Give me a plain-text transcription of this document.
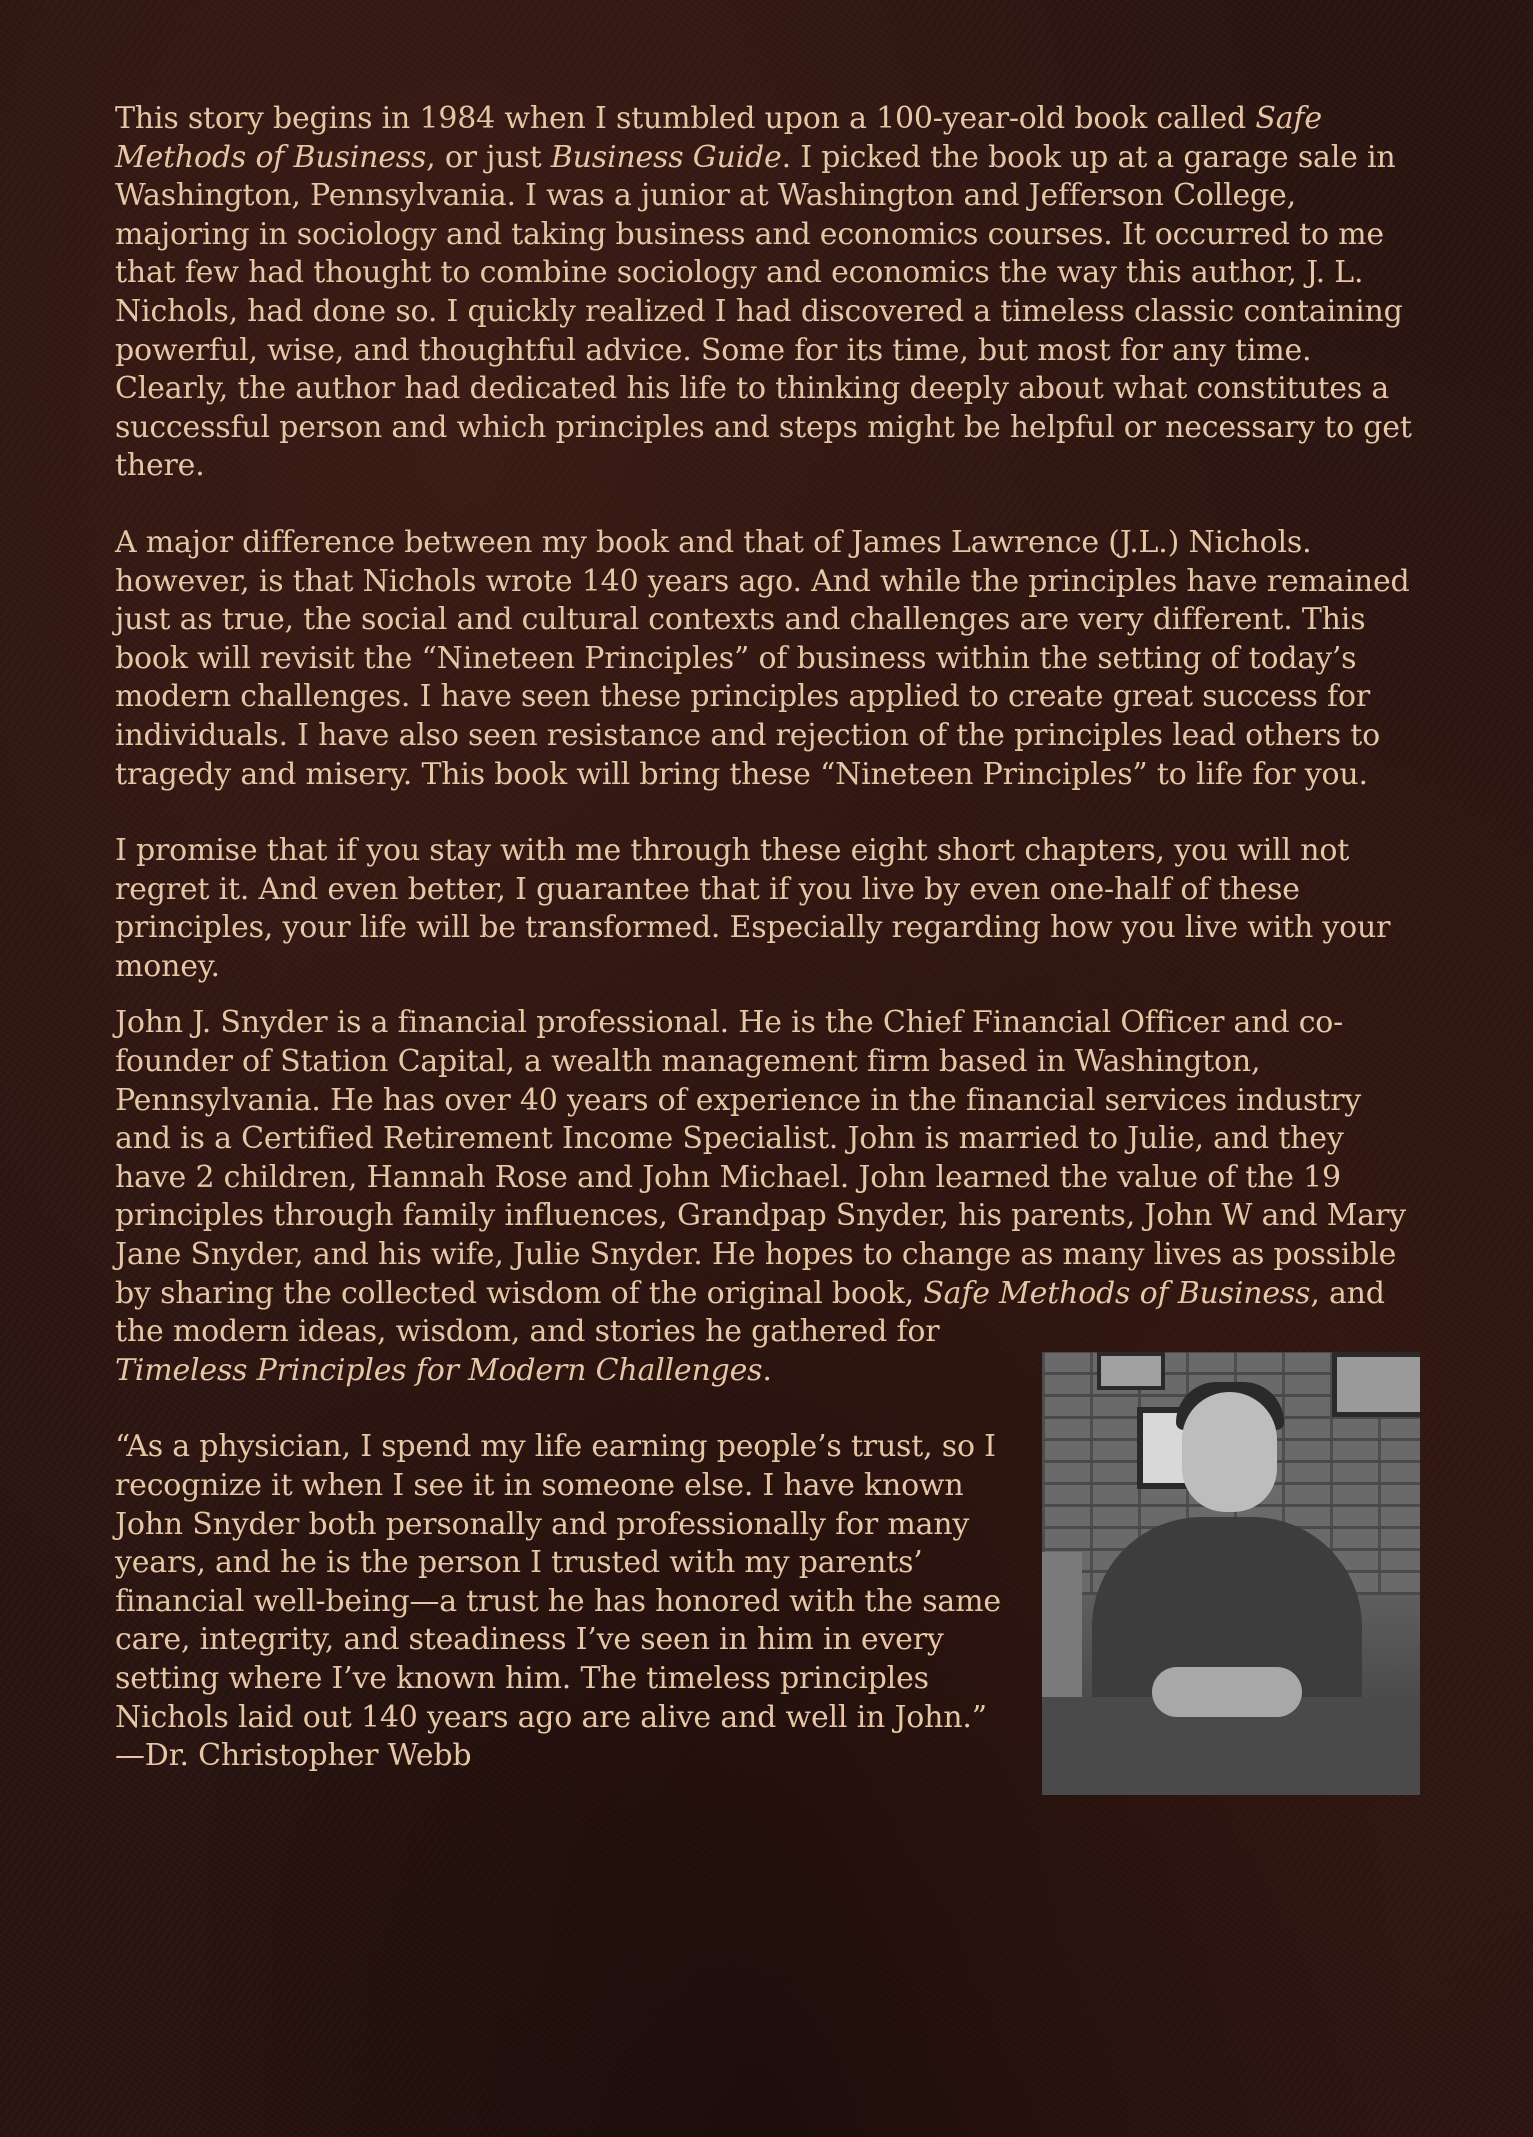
This story begins in 1984 when I stumbled upon a 100-year-old book called Safe Methods of Business, or just Business Guide. I picked the book up at a garage sale in Washington, Pennsylvania. I was a junior at Washington and Jefferson College, majoring in sociology and taking business and economics courses. It occurred to me that few had thought to combine sociology and economics the way this author, J. L. Nichols, had done so. I quickly realized I had discovered a timeless classic containing powerful, wise, and thoughtful advice. Some for its time, but most for any time. Clearly, the author had dedicated his life to thinking deeply about what constitutes a successful person and which principles and steps might be helpful or necessary to get there.

A major difference between my book and that of James Lawrence (J.L.) Nichols. however, is that Nichols wrote 140 years ago. And while the principles have remained just as true, the social and cultural contexts and challenges are very different. This book will revisit the “Nineteen Principles” of business within the setting of today’s modern challenges. I have seen these principles applied to create great success for individuals. I have also seen resistance and rejection of the principles lead others to tragedy and misery. This book will bring these “Nineteen Principles” to life for you.

I promise that if you stay with me through these eight short chapters, you will not regret it. And even better, I guarantee that if you live by even one-half of these principles, your life will be transformed. Especially regarding how you live with your money.

John J. Snyder is a financial professional. He is the Chief Financial Officer and co-founder of Station Capital, a wealth management firm based in Washington, Pennsylvania. He has over 40 years of experience in the financial services industry and is a Certified Retirement Income Specialist. John is married to Julie, and they have 2 children, Hannah Rose and John Michael. John learned the value of the 19 principles through family influences, Grandpap Snyder, his parents, John W and Mary Jane Snyder, and his wife, Julie Snyder. He hopes to change as many lives as possible by sharing the collected wisdom of the original book, Safe Methods of Business, and the modern ideas, wisdom, and stories he gathered for

Timeless Principles for Modern Challenges.

“As a physician, I spend my life earning people’s trust, so I recognize it when I see it in someone else. I have known John Snyder both personally and professionally for many years, and he is the person I trusted with my parents’ financial well-being—a trust he has honored with the same care, integrity, and steadiness I’ve seen in him in every setting where I’ve known him. The timeless principles Nichols laid out 140 years ago are alive and well in John.”
—Dr. Christopher Webb
